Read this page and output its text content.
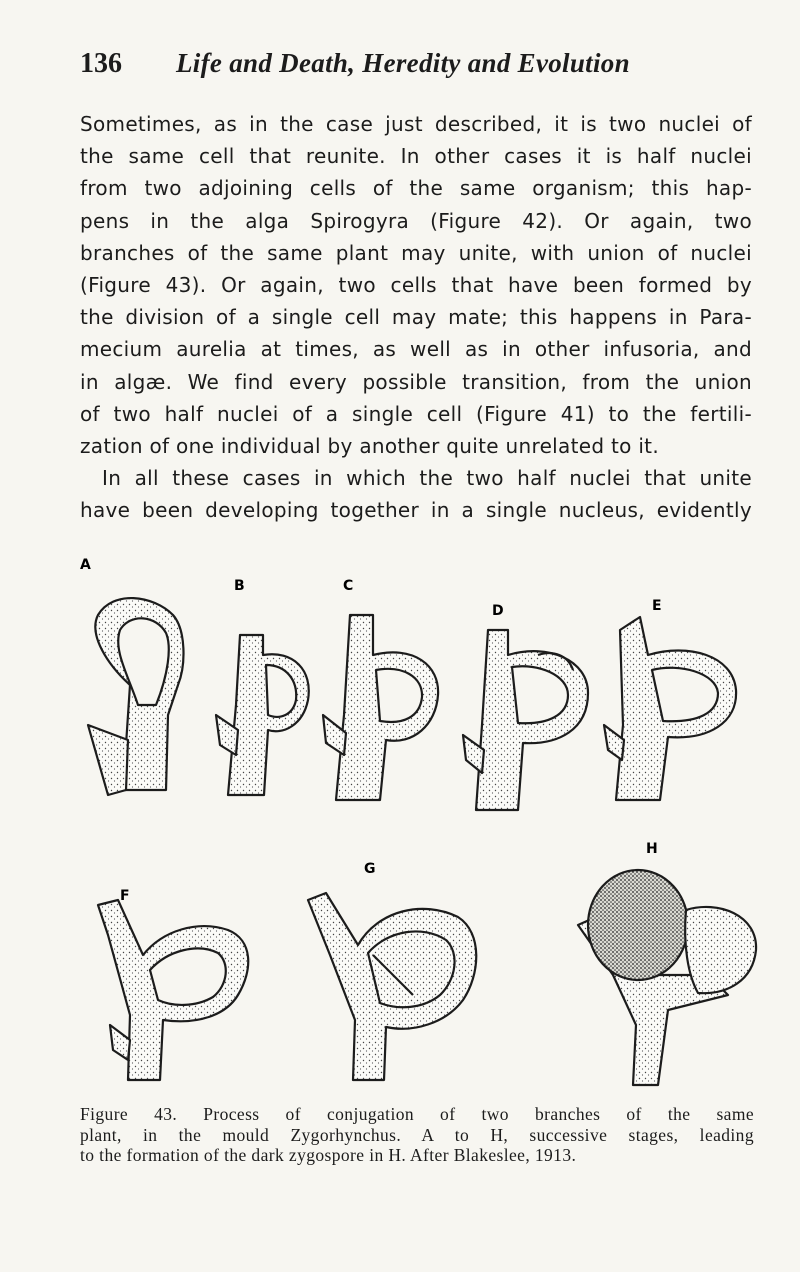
136 Life and Death, Heredity and Evolution
Sometimes, as in the case just described, it is two nuclei of
the same cell that reunite. In other cases it is half nuclei
from two adjoining cells of the same organism; this hap-
pens in the alga Spirogyra (Figure 42). Or again, two
branches of the same plant may unite, with union of nuclei
(Figure 43). Or again, two cells that have been formed by
the division of a single cell may mate; this happens in Para-
mecium aurelia at times, as well as in other infusoria, and
in algæ. We find every possible transition, from the union
of two half nuclei of a single cell (Figure 41) to the fertili-
zation of one individual by another quite unrelated to it.
In all these cases in which the two half nuclei that unite
have been developing together in a single nucleus, evidently
A
B	C
D	E
F
G
H
Figure 43. Process of conjugation of two branches of the same
plant, in the mould Zygorhynchus. A to H, successive stages, leading
to the formation of the dark zygospore in H. After Blakeslee, 1913.
